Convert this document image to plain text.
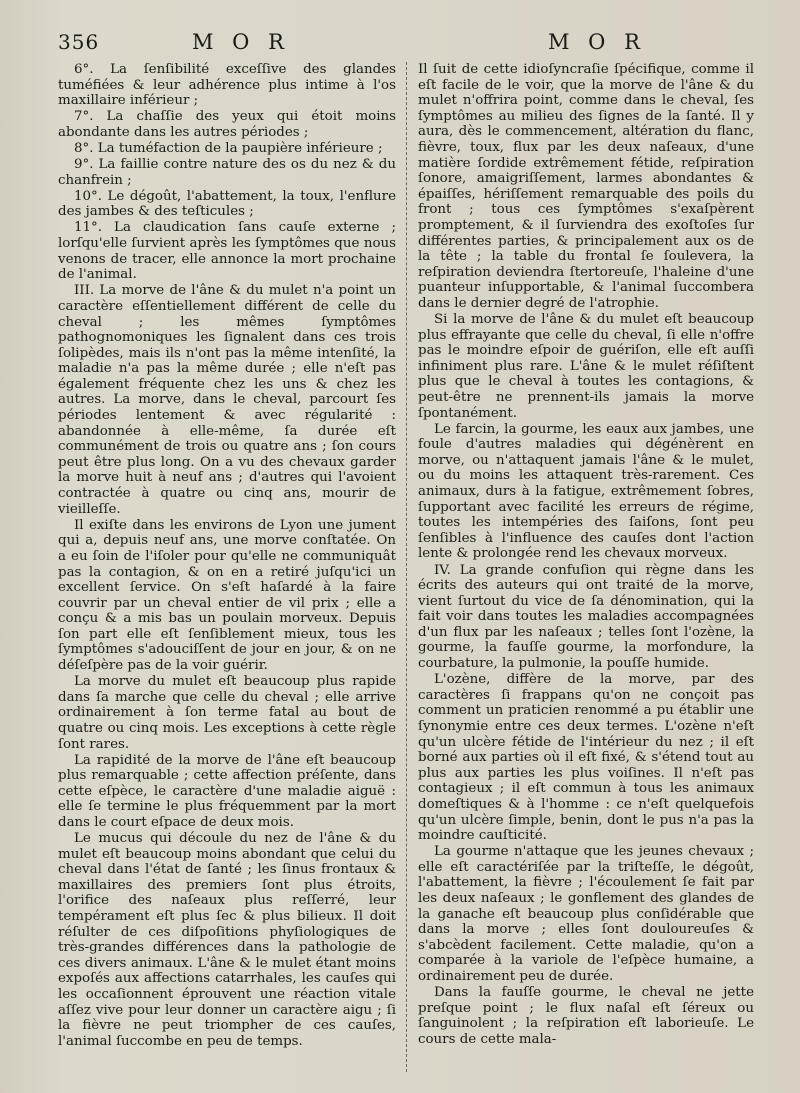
356	M O R	M O R

6°. La ſenſibilité exceſſive des glandes tuméfiées & leur adhérence plus intime à l'os maxillaire inférieur ;

7°. La chaſſie des yeux qui étoit moins abondante dans les autres périodes ;

8°. La tuméfaction de la paupière inférieure ;

9°. La faillie contre nature des os du nez & du chanfrein ;

10°. Le dégoût, l'abattement, la toux, l'enflure des jambes & des teſticules ;

11°. La claudication ſans cauſe externe ; lorſqu'elle ſurvient après les ſymptômes que nous venons de tracer, elle annonce la mort prochaine de l'animal.

III. La morve de l'âne & du mulet n'a point un caractère eſſentiellement différent de celle du cheval ; les mêmes ſymptômes pathognomoniques les ſignalent dans ces trois ſolipèdes, mais ils n'ont pas la même intenſité, la maladie n'a pas la même durée ; elle n'eſt pas également fréquente chez les uns & chez les autres. La morve, dans le cheval, parcourt ſes périodes lentement & avec régularité : abandonnée à elle-même, ſa durée eſt communément de trois ou quatre ans ; ſon cours peut être plus long. On a vu des chevaux garder la morve huit à neuf ans ; d'autres qui l'avoient contractée à quatre ou cinq ans, mourir de vieilleſſe.

Il exiſte dans les environs de Lyon une jument qui a, depuis neuf ans, une morve conſtatée. On a eu ſoin de l'iſoler pour qu'elle ne communiquât pas la contagion, & on en a retiré juſqu'ici un excellent ſervice. On s'eſt haſardé à la faire couvrir par un cheval entier de vil prix ; elle a conçu & a mis bas un poulain morveux. Depuis ſon part elle eſt ſenſiblement mieux, tous les ſymptômes s'adouciſſent de jour en jour, & on ne déſeſpère pas de la voir guérir.

La morve du mulet eſt beaucoup plus rapide dans ſa marche que celle du cheval ; elle arrive ordinairement à ſon terme fatal au bout de quatre ou cinq mois. Les exceptions à cette règle ſont rares.

La rapidité de la morve de l'âne eſt beaucoup plus remarquable ; cette affection préſente, dans cette eſpèce, le caractère d'une maladie aiguë : elle ſe termine le plus fréquemment par la mort dans le court eſpace de deux mois.

Le mucus qui découle du nez de l'âne & du mulet eſt beaucoup moins abondant que celui du cheval dans l'état de ſanté ; les ſinus frontaux & maxillaires des premiers ſont plus étroits, l'orifice des naſeaux plus reſſerré, leur tempérament eſt plus ſec & plus bilieux. Il doit réſulter de ces diſpoſitions phyſiologiques de très-grandes différences dans la pathologie de ces divers animaux. L'âne & le mulet étant moins expoſés aux affections catarrhales, les cauſes qui les occaſionnent éprouvent une réaction vitale aſſez vive pour leur donner un caractère aigu ; ſi la fièvre ne peut triompher de ces cauſes, l'animal ſuccombe en peu de temps.

Il ſuit de cette idioſyncraſie ſpécifique, comme il eſt facile de le voir, que la morve de l'âne & du mulet n'offrira point, comme dans le cheval, ſes ſymptômes au milieu des ſignes de la ſanté. Il y aura, dès le commencement, altération du flanc, fièvre, toux, flux par les deux naſeaux, d'une matière ſordide extrêmement fétide, reſpiration ſonore, amaigriſſement, larmes abondantes & épaiſſes, hériſſement remarquable des poils du front ; tous ces ſymptômes s'exaſpèrent promptement, & il ſurviendra des exoſtoſes ſur différentes parties, & principalement aux os de la tête ; la table du frontal ſe ſoulevera, la reſpiration deviendra ſtertoreuſe, l'haleine d'une puanteur inſupportable, & l'animal ſuccombera dans le dernier degré de l'atrophie.

Si la morve de l'âne & du mulet eſt beaucoup plus effrayante que celle du cheval, ſi elle n'offre pas le moindre eſpoir de guériſon, elle eſt auſſi infiniment plus rare. L'âne & le mulet réſiſtent plus que le cheval à toutes les contagions, & peut-être ne prennent-ils jamais la morve ſpontanément.

Le farcin, la gourme, les eaux aux jambes, une foule d'autres maladies qui dégénèrent en morve, ou n'attaquent jamais l'âne & le mulet, ou du moins les attaquent très-rarement. Ces animaux, durs à la fatigue, extrêmement ſobres, ſupportant avec facilité les erreurs de régime, toutes les intempéries des ſaiſons, ſont peu ſenſibles à l'influence des cauſes dont l'action lente & prolongée rend les chevaux morveux.

IV. La grande confuſion qui règne dans les écrits des auteurs qui ont traité de la morve, vient ſurtout du vice de ſa dénomination, qui la fait voir dans toutes les maladies accompagnées d'un flux par les naſeaux ; telles ſont l'ozène, la gourme, la fauſſe gourme, la morfondure, la courbature, la pulmonie, la pouſſe humide.

L'ozène, diffère de la morve, par des caractères ſi frappans qu'on ne conçoit pas comment un praticien renommé a pu établir une ſynonymie entre ces deux termes. L'ozène n'eſt qu'un ulcère fétide de l'intérieur du nez ; il eſt borné aux parties où il eſt fixé, & s'étend tout au plus aux parties les plus voiſines. Il n'eſt pas contagieux ; il eſt commun à tous les animaux domeſtiques & à l'homme : ce n'eſt quelquefois qu'un ulcère ſimple, benin, dont le pus n'a pas la moindre cauſticité.

La gourme n'attaque que les jeunes chevaux ; elle eſt caractériſée par la triſteſſe, le dégoût, l'abattement, la fièvre ; l'écoulement ſe fait par les deux naſeaux ; le gonflement des glandes de la ganache eſt beaucoup plus conſidérable que dans la morve ; elles ſont douloureuſes & s'abcèdent facilement. Cette maladie, qu'on a comparée à la variole de l'eſpèce humaine, a ordinairement peu de durée.

Dans la fauſſe gourme, le cheval ne jette preſque point ; le flux naſal eſt ſéreux ou ſanguinolent ; la reſpiration eſt laborieuſe. Le cours de cette mala-
